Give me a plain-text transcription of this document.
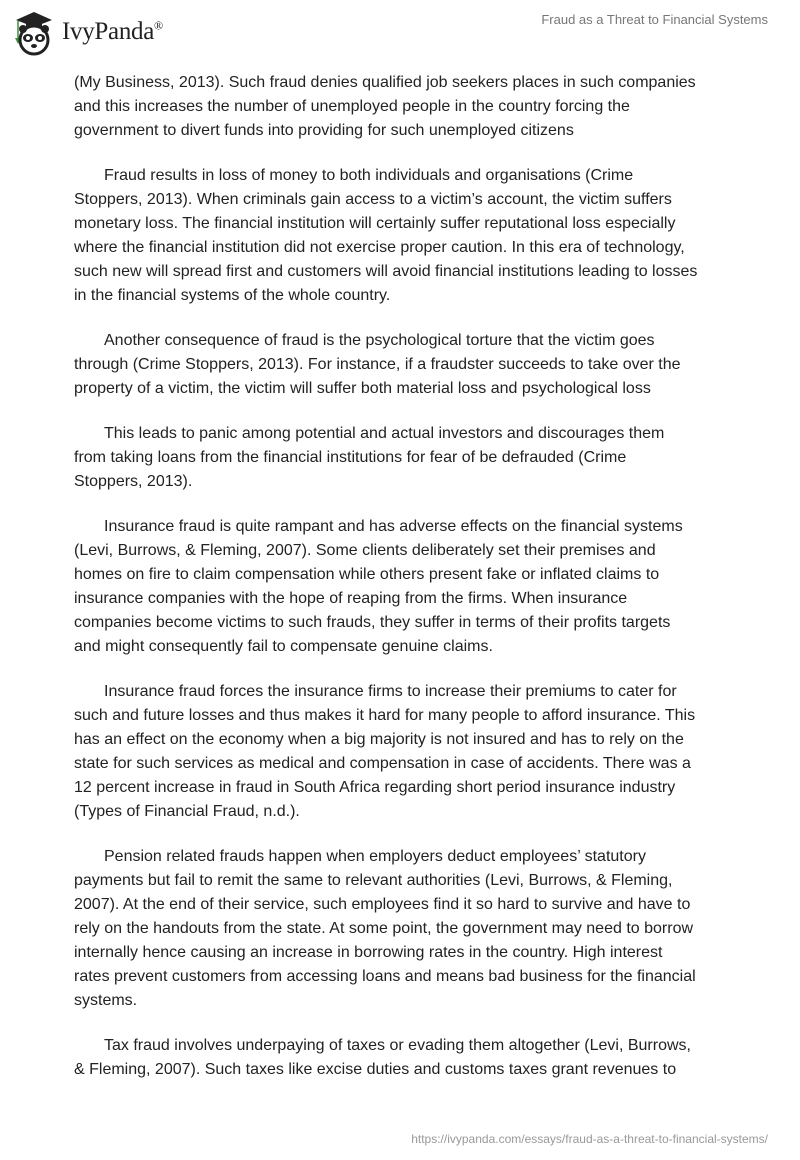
IvyPanda®	Fraud as a Threat to Financial Systems

(My Business, 2013). Such fraud denies qualified job seekers places in such companies
and this increases the number of unemployed people in the country forcing the
government to divert funds into providing for such unemployed citizens

Fraud results in loss of money to both individuals and organisations (Crime
Stoppers, 2013). When criminals gain access to a victim’s account, the victim suffers
monetary loss. The financial institution will certainly suffer reputational loss especially
where the financial institution did not exercise proper caution. In this era of technology,
such new will spread first and customers will avoid financial institutions leading to losses
in the financial systems of the whole country.

Another consequence of fraud is the psychological torture that the victim goes
through (Crime Stoppers, 2013). For instance, if a fraudster succeeds to take over the
property of a victim, the victim will suffer both material loss and psychological loss

This leads to panic among potential and actual investors and discourages them
from taking loans from the financial institutions for fear of be defrauded (Crime
Stoppers, 2013).

Insurance fraud is quite rampant and has adverse effects on the financial systems
(Levi, Burrows, & Fleming, 2007). Some clients deliberately set their premises and
homes on fire to claim compensation while others present fake or inflated claims to
insurance companies with the hope of reaping from the firms. When insurance
companies become victims to such frauds, they suffer in terms of their profits targets
and might consequently fail to compensate genuine claims.

Insurance fraud forces the insurance firms to increase their premiums to cater for
such and future losses and thus makes it hard for many people to afford insurance. This
has an effect on the economy when a big majority is not insured and has to rely on the
state for such services as medical and compensation in case of accidents. There was a
12 percent increase in fraud in South Africa regarding short period insurance industry
(Types of Financial Fraud, n.d.).

Pension related frauds happen when employers deduct employees’ statutory
payments but fail to remit the same to relevant authorities (Levi, Burrows, & Fleming,
2007). At the end of their service, such employees find it so hard to survive and have to
rely on the handouts from the state. At some point, the government may need to borrow
internally hence causing an increase in borrowing rates in the country. High interest
rates prevent customers from accessing loans and means bad business for the financial
systems.

Tax fraud involves underpaying of taxes or evading them altogether (Levi, Burrows,
& Fleming, 2007). Such taxes like excise duties and customs taxes grant revenues to

https://ivypanda.com/essays/fraud-as-a-threat-to-financial-systems/
